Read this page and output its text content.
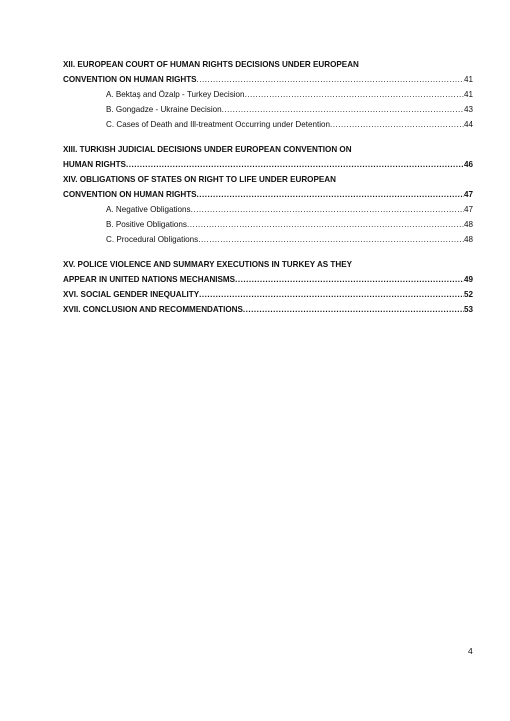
XII. EUROPEAN COURT OF HUMAN RIGHTS DECISIONS UNDER EUROPEAN
CONVENTION ON HUMAN RIGHTS .....	41
A. Bektaş and Özalp - Turkey Decision .....	41
B. Gongadze - Ukraine Decision .....	43
C. Cases of Death and Ill-treatment Occurring under Detention .....	44
XIII. TURKISH JUDICIAL DECISIONS UNDER EUROPEAN CONVENTION ON
HUMAN RIGHTS .....	46
XIV. OBLIGATIONS OF STATES ON RIGHT TO LIFE UNDER EUROPEAN
CONVENTION ON HUMAN RIGHTS .....	47
A. Negative Obligations .....	47
B. Positive Obligations .....	48
C. Procedural Obligations .....	48
XV. POLICE VIOLENCE AND SUMMARY EXECUTIONS IN TURKEY AS THEY
APPEAR IN UNITED NATIONS MECHANISMS .....	49
XVI. SOCIAL GENDER INEQUALITY .....	52
XVII. CONCLUSION AND RECOMMENDATIONS .....	53
4
